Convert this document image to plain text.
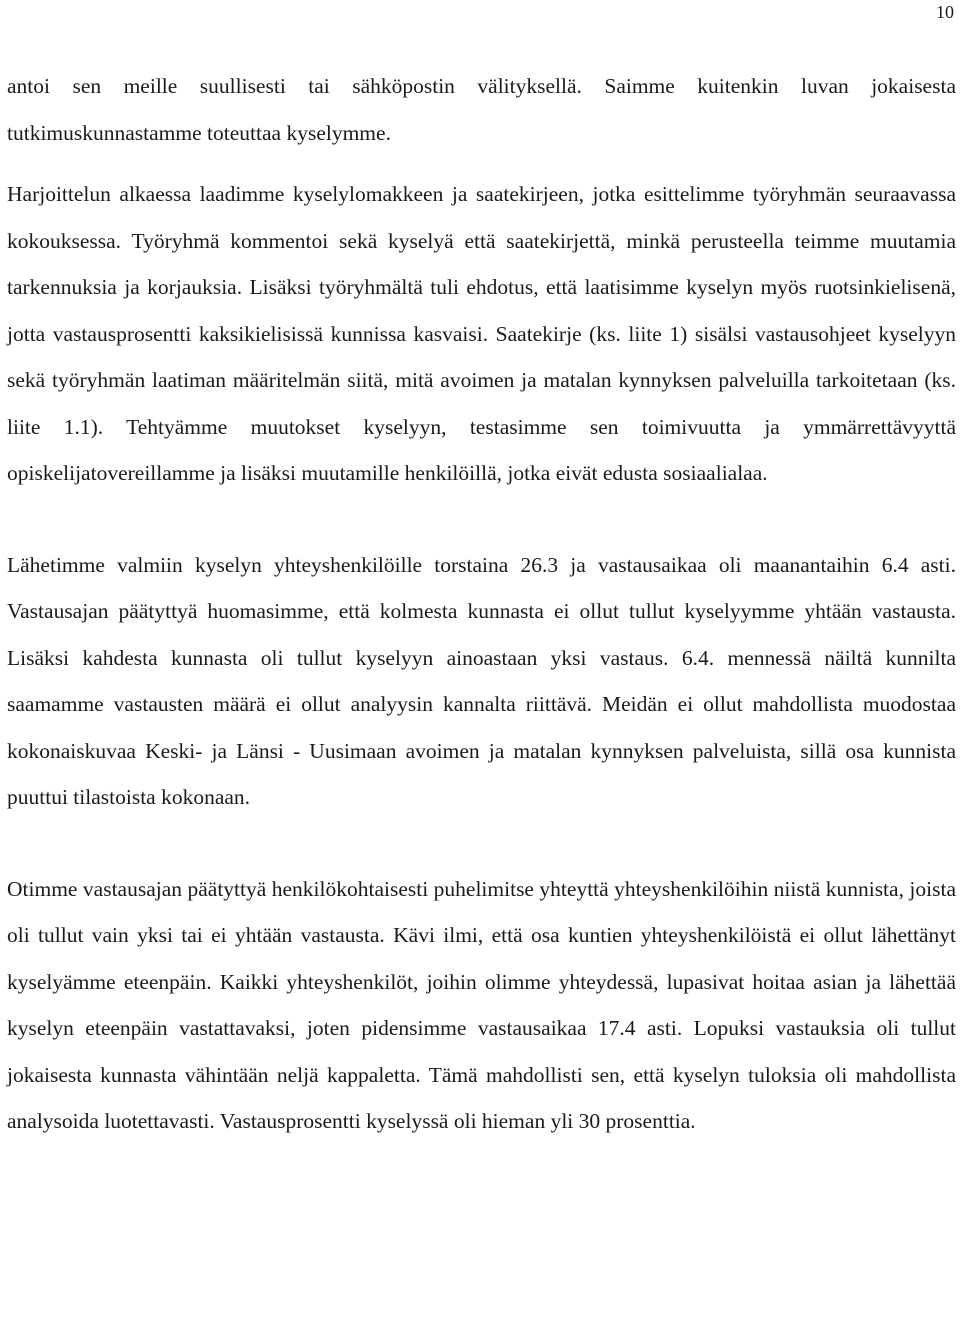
10

antoi sen meille suullisesti tai sähköpostin välityksellä. Saimme kuitenkin luvan jokaisesta tutkimuskunnastamme toteuttaa kyselymme.

Harjoittelun alkaessa laadimme kyselylomakkeen ja saatekirjeen, jotka esittelimme työryhmän seuraavassa kokouksessa. Työryhmä kommentoi sekä kyselyä että saatekirjettä, minkä perusteella teimme muutamia tarkennuksia ja korjauksia. Lisäksi työryhmältä tuli ehdotus, että laatisimme kyselyn myös ruotsinkielisenä, jotta vastausprosentti kaksikielisissä kunnissa kasvaisi. Saatekirje (ks. liite 1) sisälsi vastausohjeet kyselyyn sekä työryhmän laatiman määritelmän siitä, mitä avoimen ja matalan kynnyksen palveluilla tarkoitetaan (ks. liite 1.1). Tehtyämme muutokset kyselyyn, testasimme sen toimivuutta ja ymmärrettävyyttä opiskelijatovereillamme ja lisäksi muutamille henkilöillä, jotka eivät edusta sosiaalialaa.

Lähetimme valmiin kyselyn yhteyshenkilöille torstaina 26.3 ja vastausaikaa oli maanantaihin 6.4 asti. Vastausajan päätyttyä huomasimme, että kolmesta kunnasta ei ollut tullut kyselyymme yhtään vastausta. Lisäksi kahdesta kunnasta oli tullut kyselyyn ainoastaan yksi vastaus. 6.4. mennessä näiltä kunnilta saamamme vastausten määrä ei ollut analyysin kannalta riittävä. Meidän ei ollut mahdollista muodostaa kokonaiskuvaa Keski- ja Länsi - Uusimaan avoimen ja matalan kynnyksen palveluista, sillä osa kunnista puuttui tilastoista kokonaan.

Otimme vastausajan päätyttyä henkilökohtaisesti puhelimitse yhteyttä yhteyshenkilöihin niistä kunnista, joista oli tullut vain yksi tai ei yhtään vastausta. Kävi ilmi, että osa kuntien yhteyshenkilöistä ei ollut lähettänyt kyselyämme eteenpäin. Kaikki yhteyshenkilöt, joihin olimme yhteydessä, lupasivat hoitaa asian ja lähettää kyselyn eteenpäin vastattavaksi, joten pidensimme vastausaikaa 17.4 asti. Lopuksi vastauksia oli tullut jokaisesta kunnasta vähintään neljä kappaletta. Tämä mahdollisti sen, että kyselyn tuloksia oli mahdollista analysoida luotettavasti. Vastausprosentti kyselyssä oli hieman yli 30 prosenttia.
